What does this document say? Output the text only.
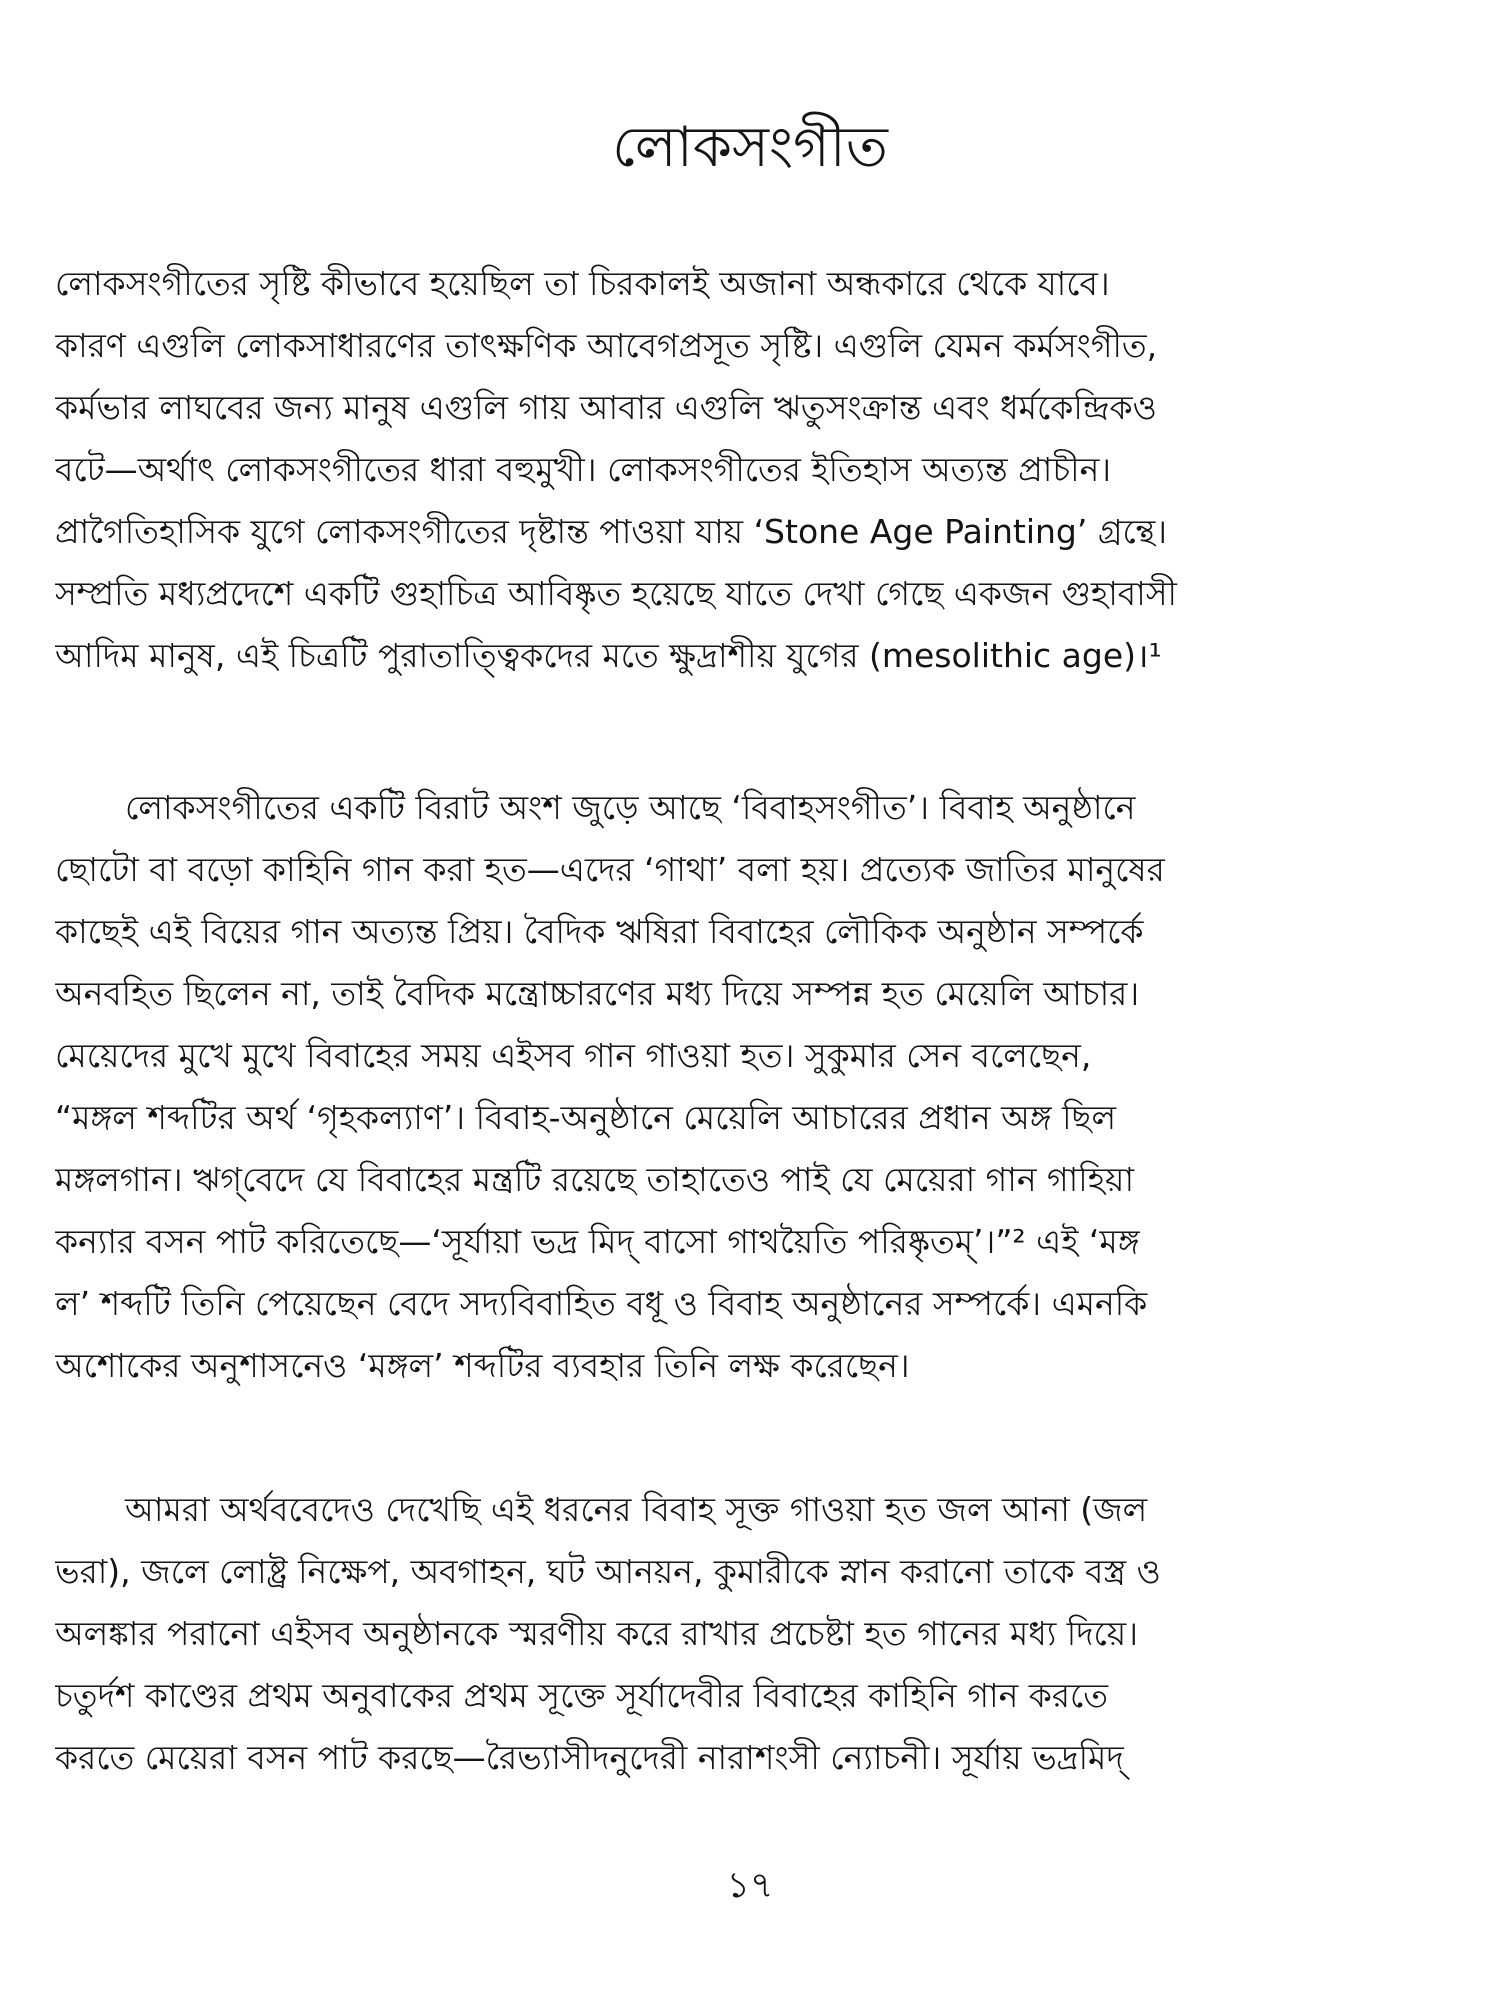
লোকসংগীত

লোকসংগীতের সৃষ্টি কীভাবে হয়েছিল তা চিরকালই অজানা অন্ধকারে থেকে যাবে।
কারণ এগুলি লোকসাধারণের তাৎক্ষণিক আবেগপ্রসূত সৃষ্টি। এগুলি যেমন কর্মসংগীত,
কর্মভার লাঘবের জন্য মানুষ এগুলি গায় আবার এগুলি ঋতুসংক্রান্ত এবং ধর্মকেন্দ্রিকও
বটে—অর্থাৎ লোকসংগীতের ধারা বহুমুখী। লোকসংগীতের ইতিহাস অত্যন্ত প্রাচীন।
প্রাগৈতিহাসিক যুগে লোকসংগীতের দৃষ্টান্ত পাওয়া যায় ‘Stone Age Painting’ গ্রন্থে।
সম্প্রতি মধ্যপ্রদেশে একটি গুহাচিত্র আবিষ্কৃত হয়েছে যাতে দেখা গেছে একজন গুহাবাসী
আদিম মানুষ, এই চিত্রটি পুরাতাত্ত্বিকদের মতে ক্ষুদ্রাশীয় যুগের (mesolithic age)।¹

লোকসংগীতের একটি বিরাট অংশ জুড়ে আছে ‘বিবাহসংগীত’। বিবাহ অনুষ্ঠানে
ছোটো বা বড়ো কাহিনি গান করা হত—এদের ‘গাথা’ বলা হয়। প্রত্যেক জাতির মানুষের
কাছেই এই বিয়ের গান অত্যন্ত প্রিয়। বৈদিক ঋষিরা বিবাহের লৌকিক অনুষ্ঠান সম্পর্কে
অনবহিত ছিলেন না, তাই বৈদিক মন্ত্রোচ্চারণের মধ্য দিয়ে সম্পন্ন হত মেয়েলি আচার।
মেয়েদের মুখে মুখে বিবাহের সময় এইসব গান গাওয়া হত। সুকুমার সেন বলেছেন,
“মঙ্গল শব্দটির অর্থ ‘গৃহকল্যাণ’। বিবাহ-অনুষ্ঠানে মেয়েলি আচারের প্রধান অঙ্গ ছিল
মঙ্গলগান। ঋগ্‌বেদে যে বিবাহের মন্ত্রটি রয়েছে তাহাতেও পাই যে মেয়েরা গান গাহিয়া
কন্যার বসন পাট করিতেছে—‘সূর্যায়া ভদ্র মিদ্ বাসো গাথয়ৈতি পরিষ্কৃতম্’।”² এই ‘মঙ্গ
ল’ শব্দটি তিনি পেয়েছেন বেদে সদ্যবিবাহিত বধূ ও বিবাহ অনুষ্ঠানের সম্পর্কে। এমনকি
অশোকের অনুশাসনেও ‘মঙ্গল’ শব্দটির ব্যবহার তিনি লক্ষ করেছেন।

আমরা অর্থববেদেও দেখেছি এই ধরনের বিবাহ সূক্ত গাওয়া হত জল আনা (জল
ভরা), জলে লোষ্ট্র নিক্ষেপ, অবগাহন, ঘট আনয়ন, কুমারীকে স্নান করানো তাকে বস্ত্র ও
অলঙ্কার পরানো এইসব অনুষ্ঠানকে স্মরণীয় করে রাখার প্রচেষ্টা হত গানের মধ্য দিয়ে।
চতুর্দশ কাণ্ডের প্রথম অনুবাকের প্রথম সূক্তে সূর্যাদেবীর বিবাহের কাহিনি গান করতে
করতে মেয়েরা বসন পাট করছে—রৈভ্যাসীদনুদেরী নারাশংসী ন্যোচনী। সূর্যায় ভদ্রমিদ্

১৭
